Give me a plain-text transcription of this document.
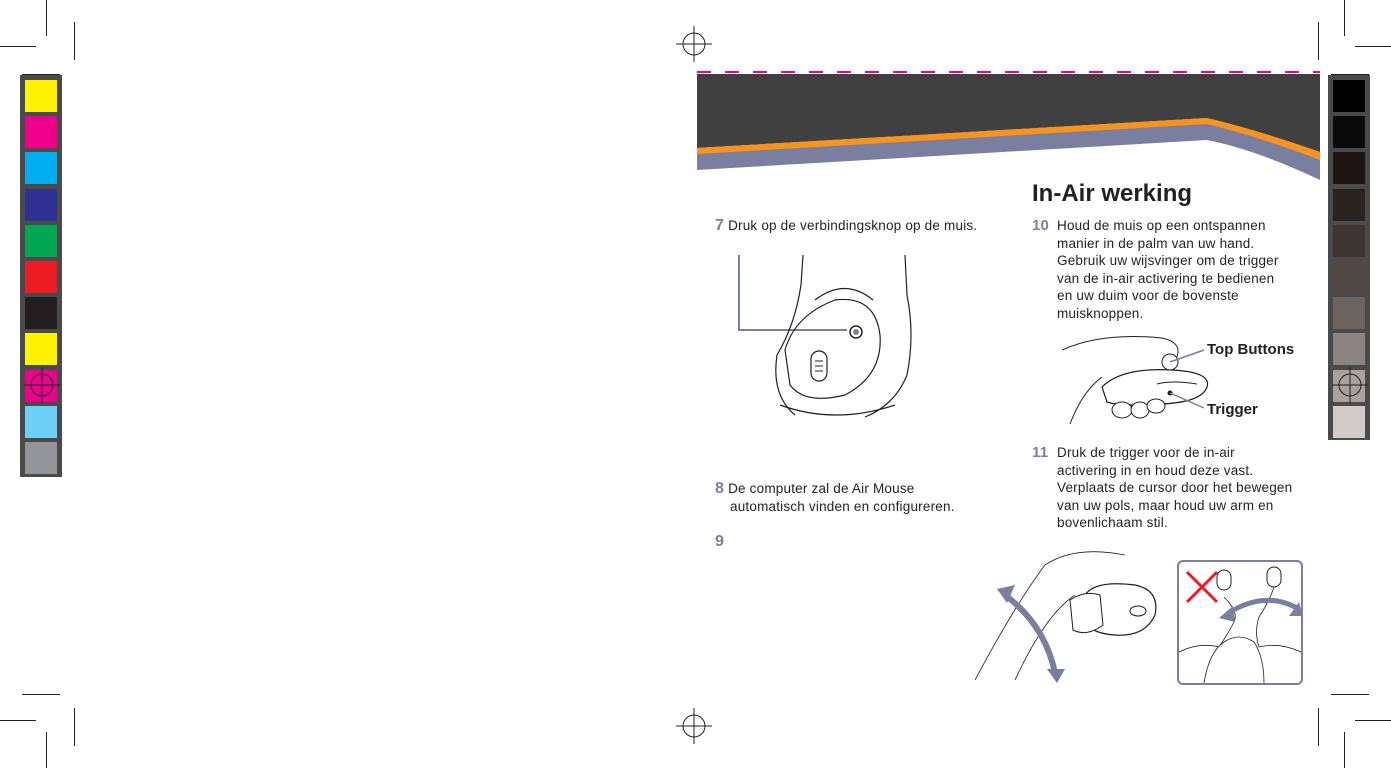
7 Druk op de verbindingsknop op de muis.
8 De computer zal de Air Mouse
automatisch vinden en configureren.
9
In-Air werking
10 Houd de muis op een ontspannen
manier in de palm van uw hand.
Gebruik uw wijsvinger om de trigger
van de in-air activering te bedienen
en uw duim voor de bovenste
muisknoppen.
Top Buttons
Trigger
11 Druk de trigger voor de in-air
activering in en houd deze vast.
Verplaats de cursor door het bewegen
van uw pols, maar houd uw arm en
bovenlichaam stil.
